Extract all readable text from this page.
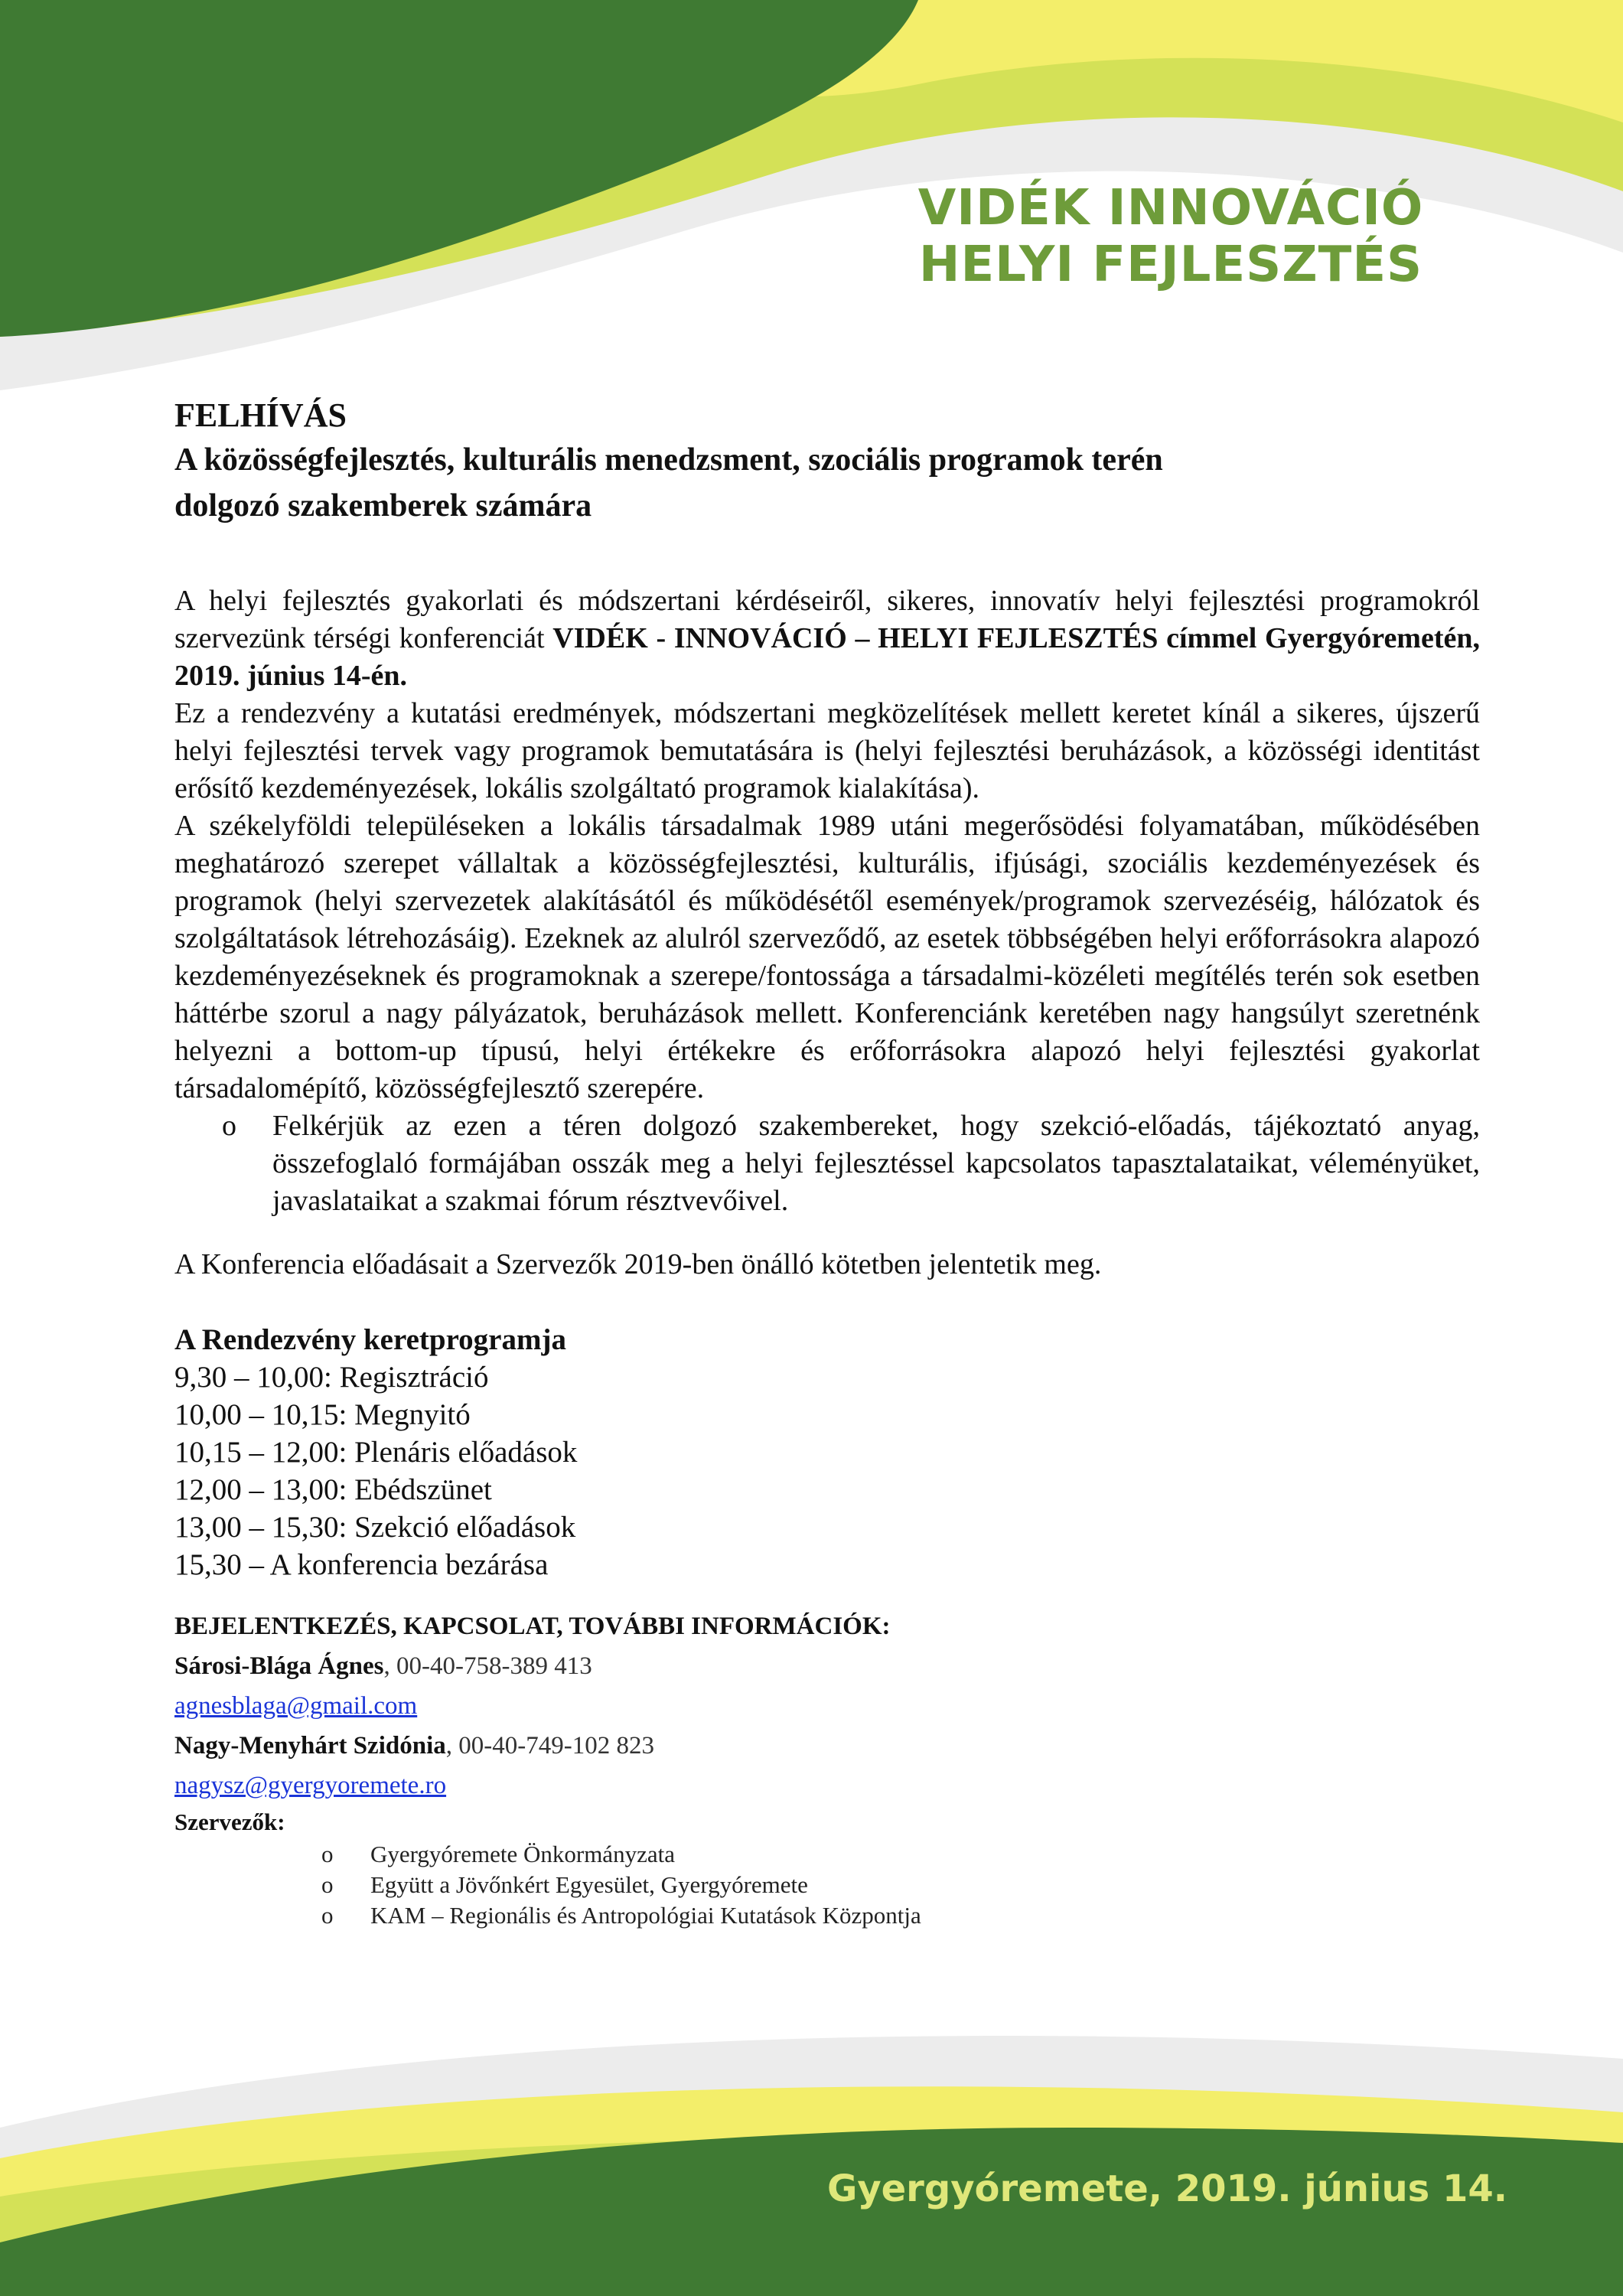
VIDÉK INNOVÁCIÓ
HELYI FEJLESZTÉS

FELHÍVÁS

A közösségfejlesztés, kulturális menedzsment, szociális programok terén

dolgozó szakemberek számára

A helyi fejlesztés gyakorlati és módszertani kérdéseiről, sikeres, innovatív helyi fejlesztési programokról szervezünk térségi konferenciát VIDÉK - INNOVÁCIÓ – HELYI FEJLESZTÉS címmel Gyergyóremetén, 2019. június 14-én.

Ez a rendezvény a kutatási eredmények, módszertani megközelítések mellett keretet kínál a sikeres, újszerű helyi fejlesztési tervek vagy programok bemutatására is (helyi fejlesztési beruházások, a közösségi identitást erősítő kezdeményezések, lokális szolgáltató programok kialakítása).

A székelyföldi településeken a lokális társadalmak 1989 utáni megerősödési folyamatában, működésében meghatározó szerepet vállaltak a közösségfejlesztési, kulturális, ifjúsági, szociális kezdeményezések és programok (helyi szervezetek alakításától és működésétől események/programok szervezéséig, hálózatok és szolgáltatások létrehozásáig). Ezeknek az alulról szerveződő, az esetek többségében helyi erőforrásokra alapozó kezdeményezéseknek és programoknak a szerepe/fontossága a társadalmi-közéleti megítélés terén sok esetben háttérbe szorul a nagy pályázatok, beruházások mellett. Konferenciánk keretében nagy hangsúlyt szeretnénk helyezni a bottom-up típusú, helyi értékekre és erőforrásokra alapozó helyi fejlesztési gyakorlat társadalomépítő, közösségfejlesztő szerepére.

o Felkérjük az ezen a téren dolgozó szakembereket, hogy szekció-előadás, tájékoztató anyag, összefoglaló formájában osszák meg a helyi fejlesztéssel kapcsolatos tapasztalataikat, véleményüket, javaslataikat a szakmai fórum résztvevőivel.

A Konferencia előadásait a Szervezők 2019-ben önálló kötetben jelentetik meg.

A Rendezvény keretprogramja

9,30 – 10,00: Regisztráció

10,00 – 10,15: Megnyitó

10,15 – 12,00: Plenáris előadások

12,00 – 13,00: Ebédszünet

13,00 – 15,30: Szekció előadások

15,30 – A konferencia bezárása

BEJELENTKEZÉS, KAPCSOLAT, TOVÁBBI INFORMÁCIÓK:

Sárosi-Blága Ágnes, 00-40-758-389 413

agnesblaga@gmail.com

Nagy-Menyhárt Szidónia, 00-40-749-102 823

nagysz@gyergyoremete.ro

Szervezők:

o Gyergyóremete Önkormányzata

o Együtt a Jövőnkért Egyesület, Gyergyóremete

o KAM – Regionális és Antropológiai Kutatások Központja

Gyergyóremete, 2019. június 14.
